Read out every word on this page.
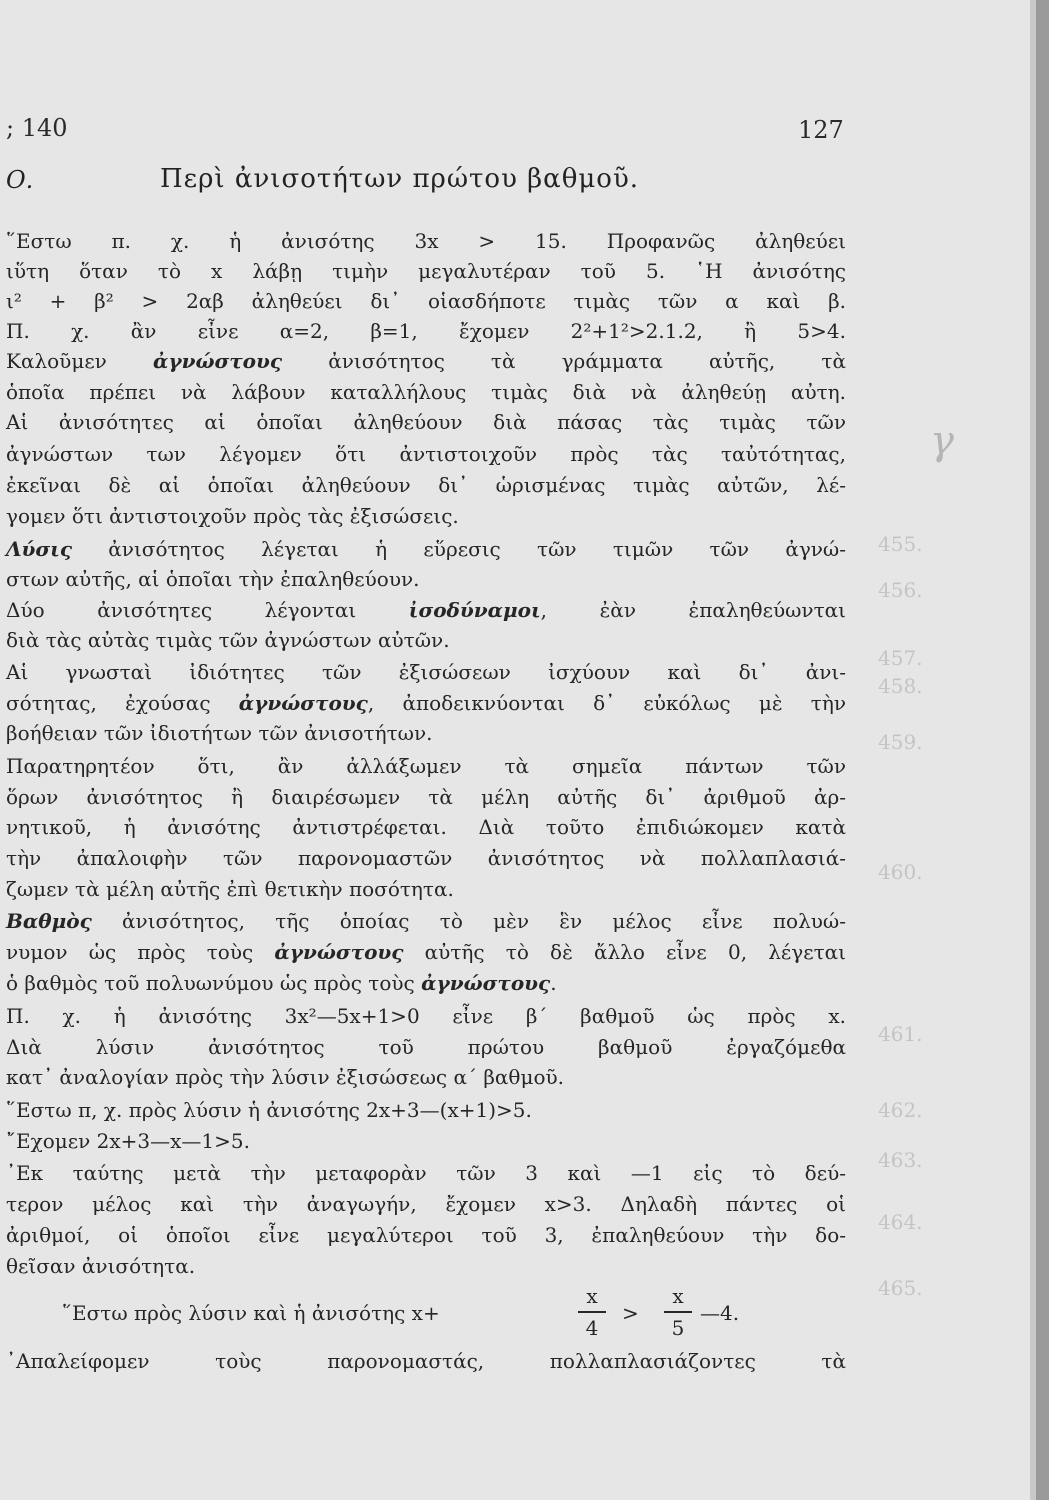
455.
456.
457.
458.
459.
460.
461.
462.
463.
464.
465.
γ
; 140	127
Ο.	Περὶ ἀνισοτήτων πρώτου βαθμοῦ.
῞Εστω π. χ. ἡ ἀνισότης 3x > 15. Προφανῶς ἀληθεύει
ιὕτη ὅταν τὸ x λάβῃ τιμὴν μεγαλυτέραν τοῦ 5. ῾Η ἀνισότης
ι² + β² > 2αβ ἀληθεύει δι᾿ οἱασδήποτε τιμὰς τῶν α καὶ β.
Π. χ. ἂν εἶνε α=2, β=1, ἔχομεν 2²+1²>2.1.2, ἢ 5>4.
Καλοῦμεν ἀγνώστους ἀνισότητος τὰ γράμματα αὐτῆς, τὰ
ὁποῖα πρέπει νὰ λάβουν καταλλήλους τιμὰς διὰ νὰ ἀληθεύῃ αὐτη.
Αἱ ἀνισότητες αἱ ὁποῖαι ἀληθεύουν διὰ πάσας τὰς τιμὰς τῶν
ἀγνώστων των λέγομεν ὅτι ἀντιστοιχοῦν πρὸς τὰς ταὐτότητας,
ἐκεῖναι δὲ αἱ ὁποῖαι ἀληθεύουν δι᾿ ὡρισμένας τιμὰς αὐτῶν, λέ-
γομεν ὅτι ἀντιστοιχοῦν πρὸς τὰς ἐξισώσεις.
Λύσις ἀνισότητος λέγεται ἡ εὕρεσις τῶν τιμῶν τῶν ἀγνώ-
στων αὐτῆς, αἱ ὁποῖαι τὴν ἐπαληθεύουν.
Δύο ἀνισότητες λέγονται ἰσοδύναμοι, ἐὰν ἐπαληθεύωνται
διὰ τὰς αὐτὰς τιμὰς τῶν ἀγνώστων αὐτῶν.
Αἱ γνωσταὶ ἰδιότητες τῶν ἐξισώσεων ἰσχύουν καὶ δι᾿ ἀνι-
σότητας, ἐχούσας ἀγνώστους, ἀποδεικνύονται δ᾿ εὐκόλως μὲ τὴν
βοήθειαν τῶν ἰδιοτήτων τῶν ἀνισοτήτων.
Παρατηρητέον ὅτι, ἂν ἀλλάξωμεν τὰ σημεῖα πάντων τῶν
ὅρων ἀνισότητος ἢ διαιρέσωμεν τὰ μέλη αὐτῆς δι᾿ ἀριθμοῦ ἀρ-
νητικοῦ, ἡ ἀνισότης ἀντιστρέφεται. Διὰ τοῦτο ἐπιδιώκομεν κατὰ
τὴν ἀπαλοιφὴν τῶν παρονομαστῶν ἀνισότητος νὰ πολλαπλασιά-
ζωμεν τὰ μέλη αὐτῆς ἐπὶ θετικὴν ποσότητα.
Βαθμὸς ἀνισότητος, τῆς ὁποίας τὸ μὲν ἓν μέλος εἶνε πολυώ-
νυμον ὡς πρὸς τοὺς ἀγνώστους αὐτῆς τὸ δὲ ἄλλο εἶνε 0, λέγεται
ὁ βαθμὸς τοῦ πολυωνύμου ὡς πρὸς τοὺς ἀγνώστους.
Π. χ. ἡ ἀνισότης 3x²—5x+1>0 εἶνε β´ βαθμοῦ ὡς πρὸς x.
Διὰ λύσιν ἀνισότητος τοῦ πρώτου βαθμοῦ ἐργαζόμεθα
κατ᾿ ἀναλογίαν πρὸς τὴν λύσιν ἐξισώσεως α´ βαθμοῦ.
῞Εστω π, χ. πρὸς λύσιν ἡ ἀνισότης 2x+3—(x+1)>5.
῎Εχομεν 2x+3—x—1>5.
᾿Εκ ταύτης μετὰ τὴν μεταφορὰν τῶν 3 καὶ —1 εἰς τὸ δεύ-
τερον μέλος καὶ τὴν ἀναγωγήν, ἔχομεν x>3. Δηλαδὴ πάντες οἱ
ἀριθμοί, οἱ ὁποῖοι εἶνε μεγαλύτεροι τοῦ 3, ἐπαληθεύουν τὴν δο-
θεῖσαν ἀνισότητα.
῞Εστω πρὸς λύσιν καὶ ἡ ἀνισότης x+
x
4
>
x
5
—4.
᾿Απαλείφομεν τοὺς παρονομαστάς, πολλαπλασιάζοντες τὰ
